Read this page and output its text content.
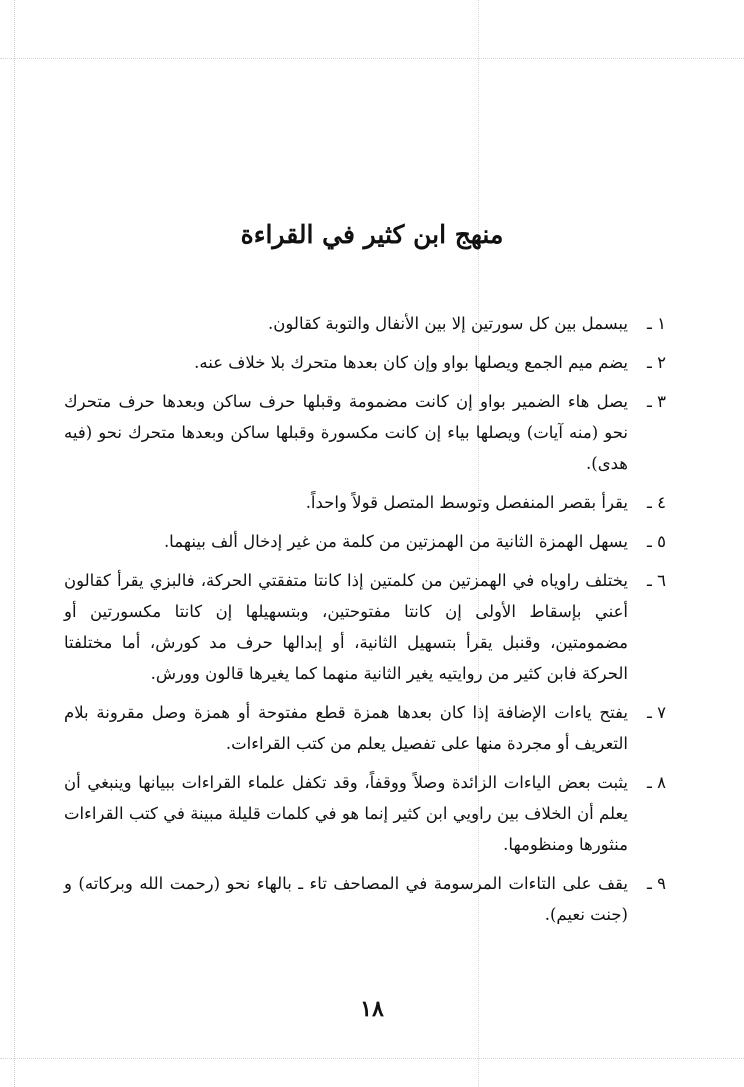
منهج ابن كثير في القراءة
١ ـ
يبسمل بين كل سورتين إلا بين الأنفال والتوبة كقالون.
٢ ـ
يضم ميم الجمع ويصلها بواو وإن كان بعدها متحرك بلا خلاف عنه.
٣ ـ
يصل هاء الضمير بواو إن كانت مضمومة وقبلها حرف ساكن وبعدها حرف متحرك نحو (منه آيات) ويصلها بياء إن كانت مكسورة وقبلها ساكن وبعدها متحرك نحو (فيه هدى).
٤ ـ
يقرأ بقصر المنفصل وتوسط المتصل قولاً واحداً.
٥ ـ
يسهل الهمزة الثانية من الهمزتين من كلمة من غير إدخال ألف بينهما.
٦ ـ
يختلف راوياه في الهمزتين من كلمتين إذا كانتا متفقتي الحركة، فالبزي يقرأ كقالون أعني بإسقاط الأولى إن كانتا مفتوحتين، وبتسهيلها إن كانتا مكسورتين أو مضمومتين، وقنبل يقرأ بتسهيل الثانية، أو إبدالها حرف مد كورش، أما مختلفتا الحركة فابن كثير من روايتيه يغير الثانية منهما كما يغيرها قالون وورش.
٧ ـ
يفتح ياءات الإضافة إذا كان بعدها همزة قطع مفتوحة أو همزة وصل مقرونة بلام التعريف أو مجردة منها على تفصيل يعلم من كتب القراءات.
٨ ـ
يثبت بعض الياءات الزائدة وصلاً ووقفاً، وقد تكفل علماء القراءات ببيانها وينبغي أن يعلم أن الخلاف بين راويي ابن كثير إنما هو في كلمات قليلة مبينة في كتب القراءات منثورها ومنظومها.
٩ ـ
يقف على التاءات المرسومة في المصاحف تاء ـ بالهاء نحو (رحمت الله وبركاته) و (جنت نعيم).
١٨
